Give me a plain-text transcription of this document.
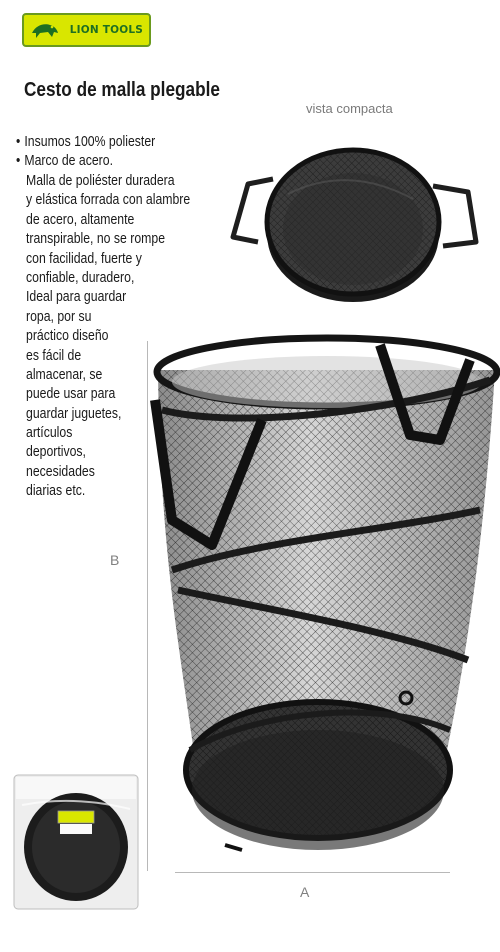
LION TOOLS
Cesto de malla plegable
vista compacta
• Insumos 100% poliester
• Marco de acero.
Malla de poliéster duradera
y elástica forrada con alambre
de acero, altamente
transpirable, no se rompe
con facilidad, fuerte y
confiable, duradero,
Ideal para guardar
ropa, por su
práctico diseño
es fácil de
almacenar, se
puede usar para
guardar juguetes,
artículos
deportivos,
necesidades
diarias etc.
B
A
